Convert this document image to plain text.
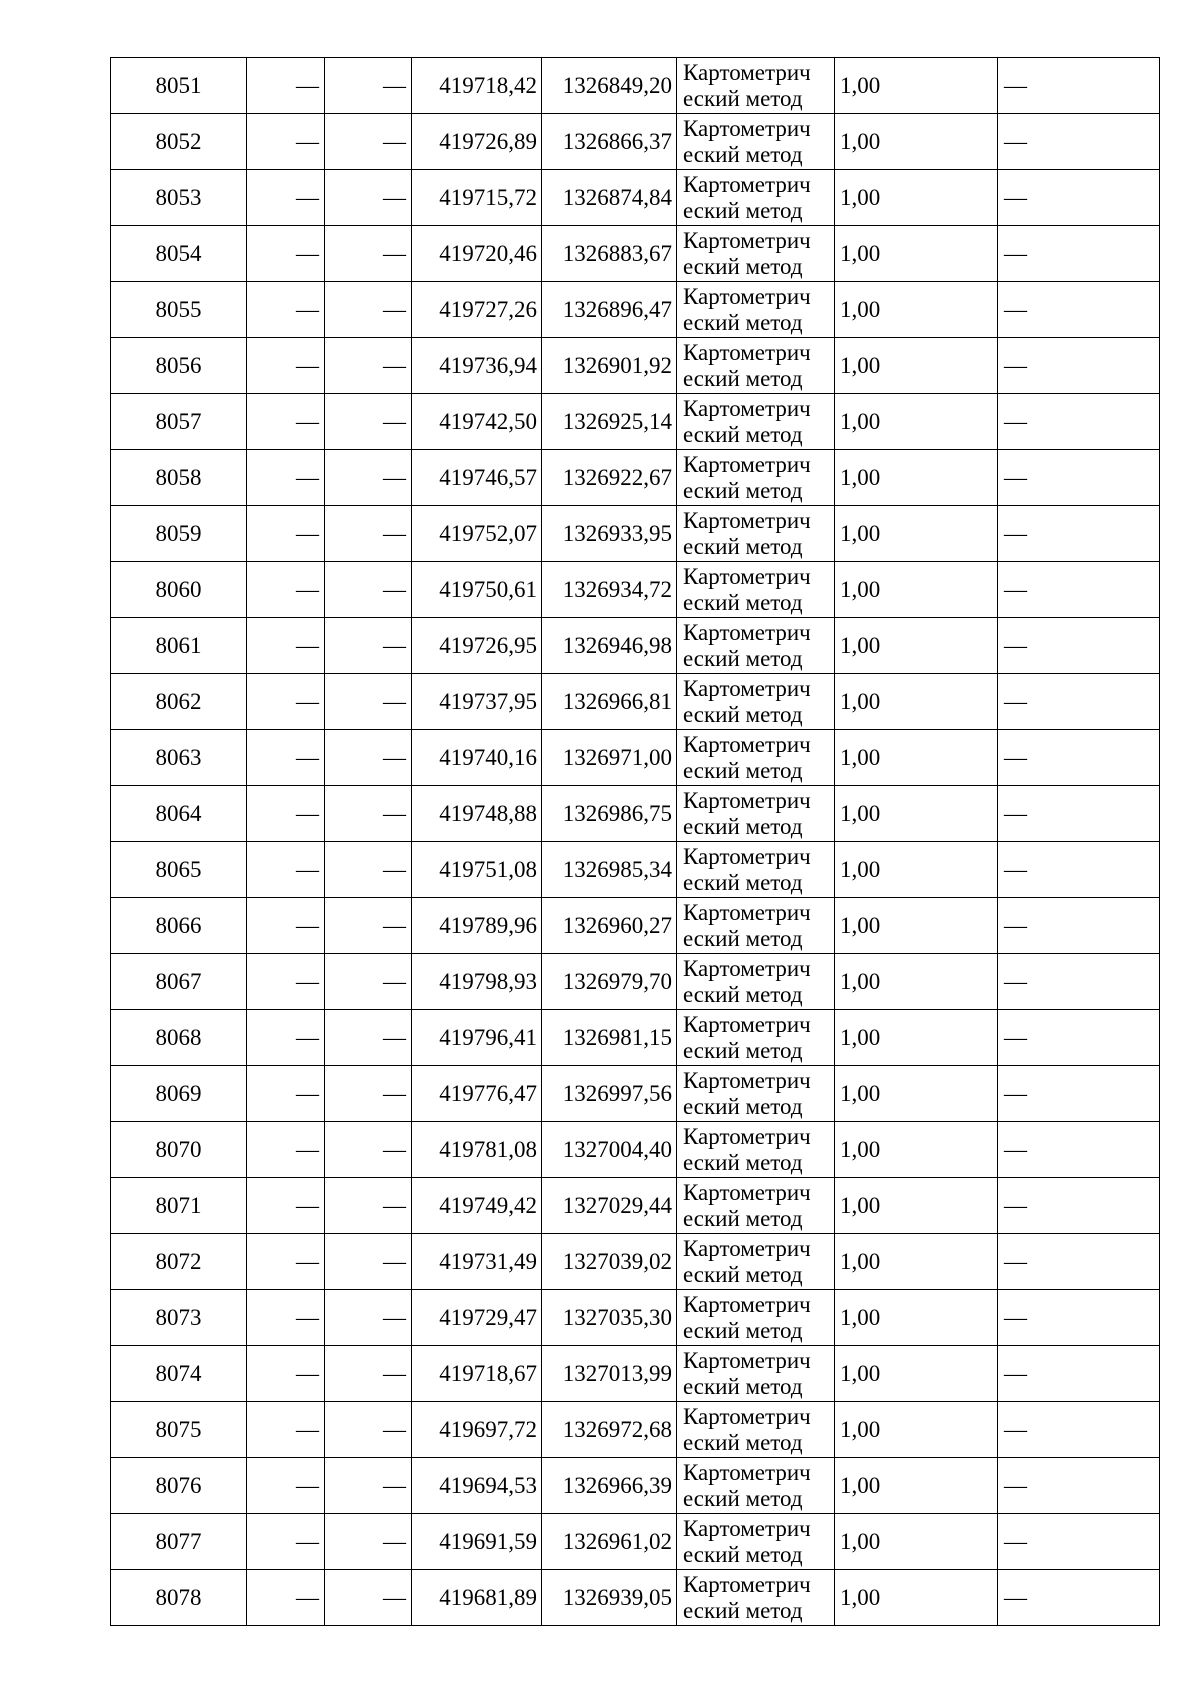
8051	—	—	419718,42	1326849,20	Картометрич
еский метод	1,00	—
8052	—	—	419726,89	1326866,37	Картометрич
еский метод	1,00	—
8053	—	—	419715,72	1326874,84	Картометрич
еский метод	1,00	—
8054	—	—	419720,46	1326883,67	Картометрич
еский метод	1,00	—
8055	—	—	419727,26	1326896,47	Картометрич
еский метод	1,00	—
8056	—	—	419736,94	1326901,92	Картометрич
еский метод	1,00	—
8057	—	—	419742,50	1326925,14	Картометрич
еский метод	1,00	—
8058	—	—	419746,57	1326922,67	Картометрич
еский метод	1,00	—
8059	—	—	419752,07	1326933,95	Картометрич
еский метод	1,00	—
8060	—	—	419750,61	1326934,72	Картометрич
еский метод	1,00	—
8061	—	—	419726,95	1326946,98	Картометрич
еский метод	1,00	—
8062	—	—	419737,95	1326966,81	Картометрич
еский метод	1,00	—
8063	—	—	419740,16	1326971,00	Картометрич
еский метод	1,00	—
8064	—	—	419748,88	1326986,75	Картометрич
еский метод	1,00	—
8065	—	—	419751,08	1326985,34	Картометрич
еский метод	1,00	—
8066	—	—	419789,96	1326960,27	Картометрич
еский метод	1,00	—
8067	—	—	419798,93	1326979,70	Картометрич
еский метод	1,00	—
8068	—	—	419796,41	1326981,15	Картометрич
еский метод	1,00	—
8069	—	—	419776,47	1326997,56	Картометрич
еский метод	1,00	—
8070	—	—	419781,08	1327004,40	Картометрич
еский метод	1,00	—
8071	—	—	419749,42	1327029,44	Картометрич
еский метод	1,00	—
8072	—	—	419731,49	1327039,02	Картометрич
еский метод	1,00	—
8073	—	—	419729,47	1327035,30	Картометрич
еский метод	1,00	—
8074	—	—	419718,67	1327013,99	Картометрич
еский метод	1,00	—
8075	—	—	419697,72	1326972,68	Картометрич
еский метод	1,00	—
8076	—	—	419694,53	1326966,39	Картометрич
еский метод	1,00	—
8077	—	—	419691,59	1326961,02	Картометрич
еский метод	1,00	—
8078	—	—	419681,89	1326939,05	Картометрич
еский метод	1,00	—
